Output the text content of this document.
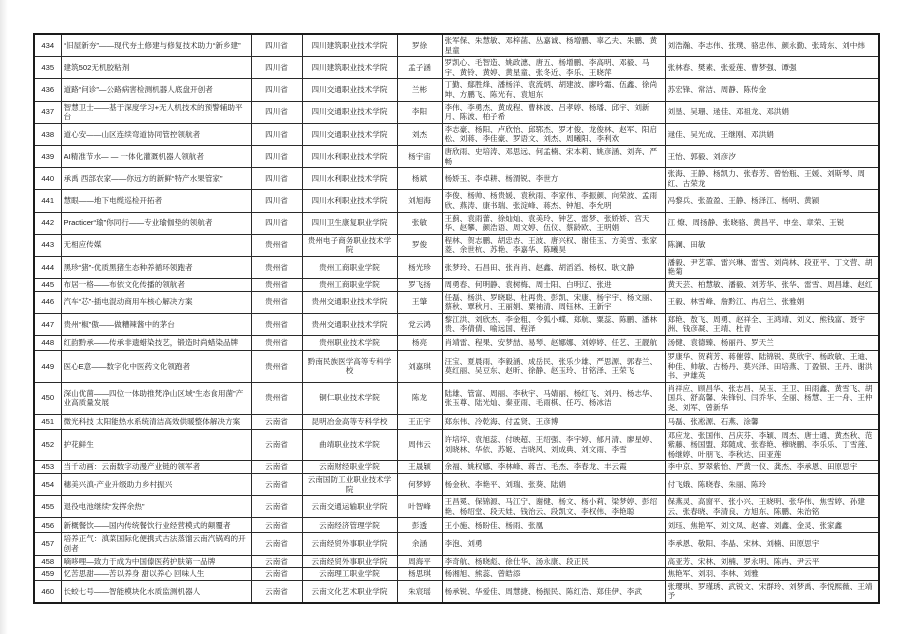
434	“旧屋新夯”——现代夯土修建与修复技术助力“新乡建”	四川省	四川建筑职业技术学院	罗徐	张军保、朱慧敏、邓梓菡、丛嘉诚、杨增鹏、辜乙夫、朱鹏、黄星童	刘浩瀚、李志伟、张璞、骆忠伟、颜永勤、张琦东、刘中炜

435	建筑502无机胶粘剂	四川省	四川建筑职业技术学院	孟子涵	罗凯心、毛智造、姚政潓、唐五、杨增鹏、李高明、邓毅、马宇、黄铃、黄婷、黄星童、张冬近、李乐、王晓萍	张林春、樊素、张爱莲、曹梦强、谭强

436	道路“问诊”—公路病害检测机器人底盘开创者	四川省	四川交通职业技术学院	兰彬	丁勤、鄢胜烽、潘杨洋、袁流炳、胡建波、廖吟霜、伍鑫、徐尚坤、方鹏飞、陈光有、袁旭东	苏宏锋、常洁、周静、陈传金

437	智慧卫士——基于深度学习+无人机技术的预警辅助平台	四川省	四川交通职业技术学院	李阳	李伟、李勇杰、黄成程、曹林波、吕孝婷、杨璠、邱宇、刘新月、陈波、柏子希	刘垦、吴珊、逯佳、邓祖龙、邓洪娟

438	道心安——山区连续弯道协同管控领航者	四川省	四川交通职业技术学院	刘杰	李志豪、杨阳、卢欣怡、邱郓杰、罗才俊、龙俊林、赵军、阳启松、刘蒋、李佳豪、罗语文、刘杰、周曦阳、李利欢	逯佳、吴光成、王继刚、邓洪娟

439	AI精准节水— — 一体化灌溉机器人领航者	四川省	四川水利职业技术学院	杨宇宙	唐欣雨、史培涛、邓思远、何孟楠、宋本莉、姚彦涵、刘奔、严畅	王怡、郭毅、刘彦汐

440	承禹 西部农家——你远方的新鲜“特产水果管家”	四川省	四川水利职业技术学院	杨斌	杨娇玉、李卓耕、杨渭锐、李世方	张海、王静、杨凯力、张春芳、曾怡瓶、王媛、刘斯琴、周红、古荣龙

441	慧眼——地下电缆巡检开拓者	四川省	四川水利职业技术学院	刘旭海	李俊、杨帅、杨贵媛、袁秋雨、李家伟、李振颜、向荣波、孟雨欣、燕涛、康书瑞、张淀峰、蒋杰、钟旭、李允明	冯黎兵、张盈盈、王静、杨泽江、杨明、黄颍

442	Practicer“瑜”你同行——专业瑜伽垫的领航者	四川省	四川卫生康复职业学院	张敏	王蓟、袁雨蕾、徐灿灿、袁美玲、钟艺、雷梦、张娇娇、宫天华、赵攀、颜浩语、周文婷、伍仪、蔡龄欧、王明娟	江 燎、周扬静、张晓骆、黄昌平、申垒、章荣、王锐

443	无相应传媒	贵州省	贵州电子商务职业技术学院	罗俊	程林、贺志鹏、胡忠杏、王波、唐兴权、谢佳玉、方美雪、张家菱、余世杭、苏艳、李嘉华、陈曦昊	陈澜、田敏

444	黑珍“猪”-优质黑猪生态种养循环领跑者	贵州省	贵州工商职业学院	杨光珍	张梦玲、石昌田、张肖肖、赵鑫、胡滔滔、杨权、耿文静	潘毅、尹艺霏、雷兴琳、雷雪、刘尚林、段亚平、丁文营、胡艳菊

445	布居一格——布依文化传播的领航者	贵州省	贵州工商职业学院	罗飞扬	周勇春、何明静、袁树梅、周士阳、白明辽、张进	黄天芸、柏慧敏、潘毅、刘芳华、张华、雷雪、周昌雄、赵红

446	汽车“芯”-插电混动商用车核心解决方案	贵州省	贵州交通职业技术学院	王肇	任磊、杨洪、罗晓聪、杜再贵、彭凯、宋康、杨宇宇、杨文丽、蔡秋、覃秋月、王丽娟、粟袖清、周钰林、王新宇	王毅、林雪峰、詹黔江、冉启兰、张雅娟

447	贵州“椒”傲——做糟辣酱中的茅台	贵州省	贵州交通职业技术学院	党云鸿	黎江洪、刘欣杰、李金粗、令狐小蝶、郑航、粟蕊、陈鹏、潘林贵、李倩倩、喻远国、程泽	郑艳、敖飞、周勇、赵祥全、王鸿靖、刘义、熊钱富、聂宇洲、钱彦凝、王靖、杜青

448	红韵黔承——传承非遗蜡染技艺，锻造时尚蜡染品牌	贵州省	贵州职业技术学院	杨亮	肖靖雷、程果、安梦喆、易琴、赵娜娜、刘婷婷、任艺、王靓航	汤健、袁德臻、杨丽丹、罗天兰

449	医心E意——数字化中医药文化领跑者	贵州省	黔南民族医学高等专科学校	刘嘉琪	汪宝、夏晨雨、李毅涵、成岳民、张乐少雄、严思源、郭春兰、莫红丽、吴豆东、赵昕、徐静、赵玉玲、甘铭泽、王荣飞	罗康华、贺莉芳、蒋催蓉、陆锦锐、莫欣宇、杨政敏、王迪、种佳、帅敏、古杨丹、莫兴泽、田培燕、丁盈银、王丹、谢洪书、尹雄英

450	深山优菌——四位一体助推梵净山区域“生态食用菌”产业高质量发展	贵州省	铜仁职业技术学院	陈龙	陆雄、管富、周丽、李秋宇、马婧丽、杨红飞、刘丹、杨志华、张玉尊、陆光灿、秦亚雨、毛雨棋、任巧、杨冰洁	肖祥应、顾昌华、张志昌、吴玉、王卫、田雨鑫、黄雪飞、胡国兵、舒高馨、朱锋钊、闫乔华、全丽、杨慧、王一舟、王仲尧、刘军、曾新华

451	微光科技 太阳能热水系统清洁高效供暖整体解决方案	云南省	昆明冶金高等专科学校	王正宇	郑东伟、冷乾海、付孟贤、王彦博	马磊、张凇源、石燕、涂馨

452	护花鲜生	云南省	曲靖职业技术学院	周伟云	许培垶、袁旭蕊、付映超、王绍强、李宇婷、郁月清、廖星婷、刘晓林、华依、苏姬、吉晓风、刘成典、刘文雨、李雪	邓应龙、张国伟、吕庆芬、李颖、周杰、唐士通、黄杰秋、范紫藤、杨国盟、郑随成、张春艳、穆晓鹏、李乐乐、丁雪莲、杨继婷、叶朋飞、李秋达、田亚莲

453	当千动画：云南数字动漫产业链的领军者	云南省	云南财经职业学院	王晟颖	余福、姚权娜、李林峰、蒋吉、毛杰、李春龙、丰云霞	李中京、罗翠紫怡、严黄一仪、龚杰、李承恩、田原思宇

454	穗美兴滇-产业升级助力乡村振兴	云南省	云南国防工业职业技术学院	何梦婷	杨金秋、李艳平、刘瑞、张葵、陆娟	付飞娥、陈晓春、朱丽、陈玲

455	退役电池继续“发挥余热”	云南省	云南交通运输职业学院	叶智峰	王昌冕、保锦源、马江宁、谢健、杨文、杨小莉、梁梦婷、彭绍艳、杨绍堂、段天娃、钱治云、段凯文、李权伟、李艳聪	保燕灵、高窗平、张小兴、王晓明、张华伟、焦雪婷、孙建云、张春晓、李清良、方旭东、陈鹏、朱治铭

456	新概餐饮——国内传统餐饮行业经营模式的颠覆者	云南省	云南经济管理学院	彭透	王小施、杨盼佳、杨雨、张凰	刘珏、焦艳军、刘文凤、赵睿、刘鑫、金灵、张家鑫

457	培养正气：滇菜国际化便携式古法蒸馏云南汽锅鸡的开创者	云南省	云南经贸外事职业学院	余涵	李泡、刘勇	李承恩、敬阳、李晶、宋林、刘楠、田原思宇

458	嘀哆哩—致力于成为中国傣医药护肤第一品牌	云南省	云南经贸外事职业学院	周海平	李奇航、杨晓彪、徐仕华、汤永康、段正民	高亚芳、宋林、刘楠、罗永明、陈冉、尹云平

459	忆苦思甜——苦以养身 甜以养心 回味人生	云南省	云南理工职业学院	杨思琪	杨湘旭、熊蕊、曾皓添	焦艳军、刘羽、李林、刘雅

460	长蛟七号——智能模块化水质监测机器人	云南省	云南文化艺术职业学院	朱宸瑶	杨承锐、华爱佳、周慧捷、杨振民、陈红浩、郑佳伊、李武	张璎琪、罗瑾琇、武锐文、宋群玲、刘梦禹、李悦熙薇、王靖予
